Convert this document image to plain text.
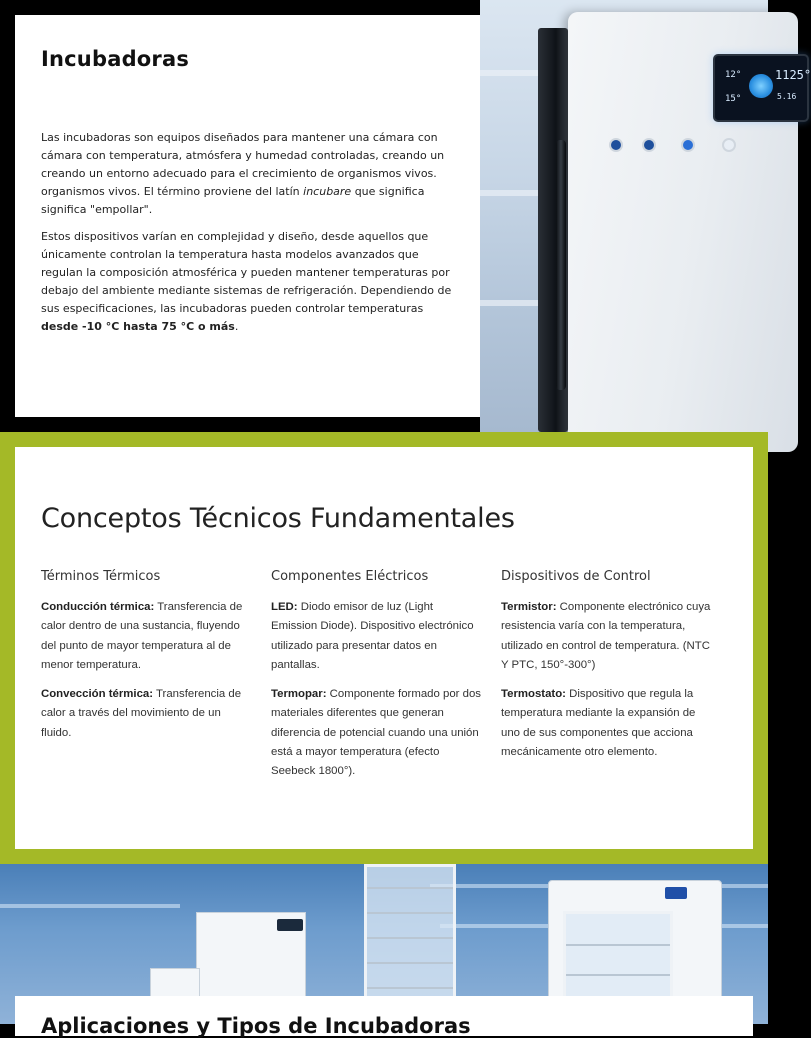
Incubadoras

Las incubadoras son equipos diseñados para mantener una cámara con cámara con temperatura, atmósfera y humedad controladas, creando un creando un entorno adecuado para el crecimiento de organismos vivos. organismos vivos. El término proviene del latín incubare que significa significa "empollar".

Estos dispositivos varían en complejidad y diseño, desde aquellos que únicamente controlan la temperatura hasta modelos avanzados que regulan la composición atmosférica y pueden mantener temperaturas por debajo del ambiente mediante sistemas de refrigeración. Dependiendo de sus especificaciones, las incubadoras pueden controlar temperaturas desde -10 °C hasta 75 °C o más.

12°
15°
1125°
5.16
Conceptos Técnicos Fundamentales
Términos Térmicos

Conducción térmica: Transferencia de calor dentro de una sustancia, fluyendo del punto de mayor temperatura al de menor temperatura.

Convección térmica: Transferencia de calor a través del movimiento de un fluido.

Componentes Eléctricos

LED: Diodo emisor de luz (Light Emission Diode). Dispositivo electrónico utilizado para presentar datos en pantallas.

Termopar: Componente formado por dos materiales diferentes que generan diferencia de potencial cuando una unión está a mayor temperatura (efecto Seebeck 1800°).

Dispositivos de Control

Termistor: Componente electrónico cuya resistencia varía con la temperatura, utilizado en control de temperatura. (NTC Y PTC, 150°-300°)

Termostato: Dispositivo que regula la temperatura mediante la expansión de uno de sus componentes que acciona mecánicamente otro elemento.

Aplicaciones y Tipos de Incubadoras
